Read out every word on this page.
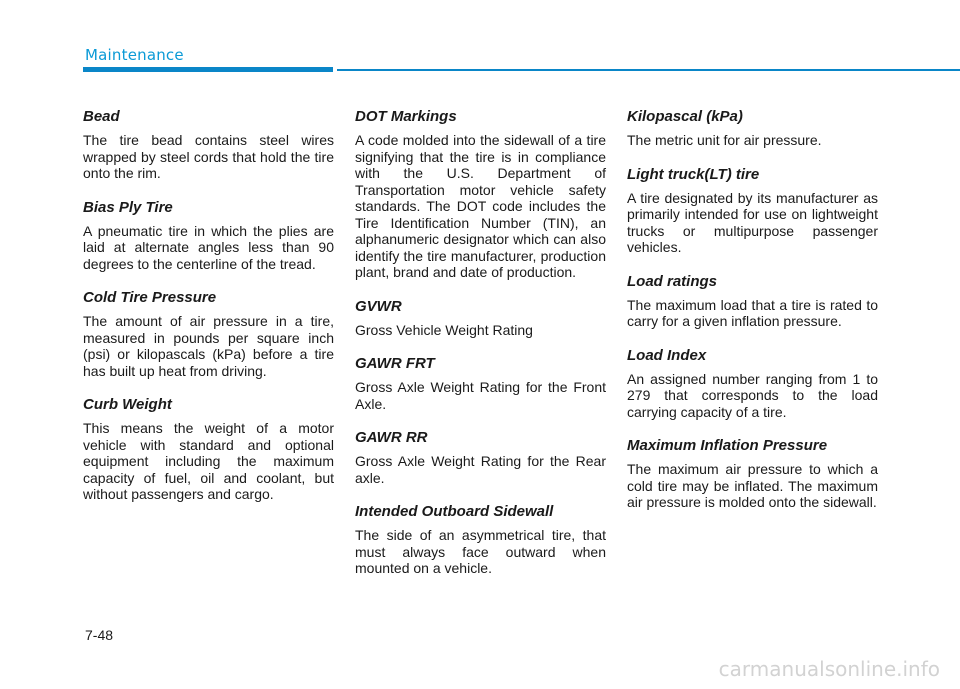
Maintenance
Bead

The tire bead contains steel wires wrapped by steel cords that hold the tire onto the rim.

Bias Ply Tire

A pneumatic tire in which the plies are laid at alternate angles less than 90 degrees to the centerline of the tread.

Cold Tire Pressure

The amount of air pressure in a tire, measured in pounds per square inch (psi) or kilopascals (kPa) before a tire has built up heat from driving.

Curb Weight

This means the weight of a motor vehicle with standard and optional equipment including the maximum capacity of fuel, oil and coolant, but without passengers and cargo.

DOT Markings

A code molded into the sidewall of a tire signifying that the tire is in compliance with the U.S. Department of Transportation motor vehicle safety standards. The DOT code includes the Tire Identification Number (TIN), an alphanumeric designator which can also identify the tire manufacturer, production plant, brand and date of production.

GVWR

Gross Vehicle Weight Rating

GAWR FRT

Gross Axle Weight Rating for the Front Axle.

GAWR RR

Gross Axle Weight Rating for the Rear axle.

Intended Outboard Sidewall

The side of an asymmetrical tire, that must always face outward when mounted on a vehicle.

Kilopascal (kPa)

The metric unit for air pressure.

Light truck(LT) tire

A tire designated by its manufacturer as primarily intended for use on lightweight trucks or multipurpose passenger vehicles.

Load ratings

The maximum load that a tire is rated to carry for a given inflation pressure.

Load Index

An assigned number ranging from 1 to 279 that corresponds to the load carrying capacity of a tire.

Maximum Inflation Pressure

The maximum air pressure to which a cold tire may be inflated. The maximum air pressure is molded onto the sidewall.

7-48
carmanualsonline.info
